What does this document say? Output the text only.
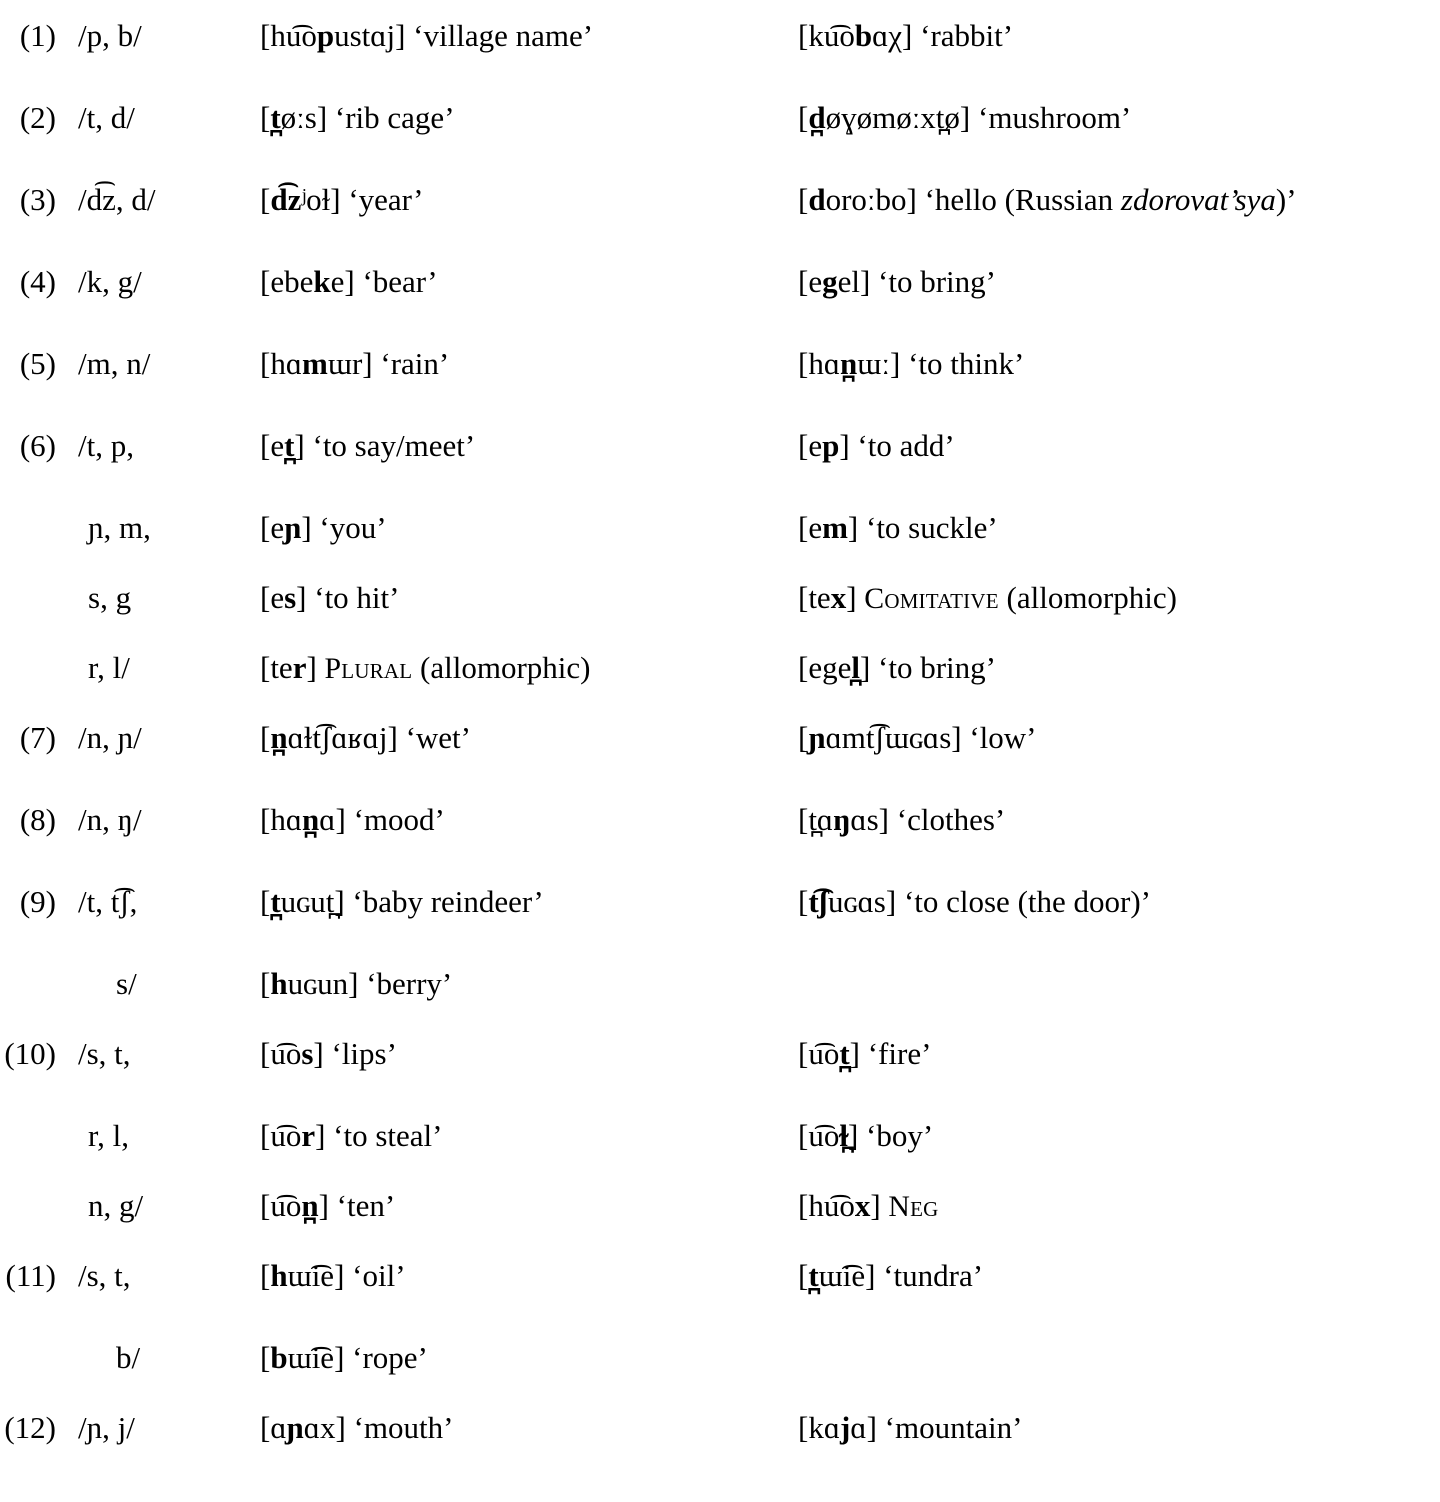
(1) /p, b/	[hu͡opustɑj] ‘village name’	[ku͡obɑχ] ‘rabbit’
(2) /t, d/	[t̪øːs] ‘rib cage’	[d̪øɣømøːxt̪ø] ‘mushroom’
(3) /d͡z, d/	[d͡zʲoɫ] ‘year’	[doroːbo] ‘hello (Russian zdorovat’sya)’
(4) /k, g/	[ebeke] ‘bear’	[egel] ‘to bring’
(5) /m, n/	[hɑmɯr] ‘rain’	[hɑn̪ɯː] ‘to think’
(6) /t, p,	[et̪] ‘to say/meet’	[ep] ‘to add’
ɲ, m,	[eɲ] ‘you’	[em] ‘to suckle’
s, g	[es] ‘to hit’	[tex] Comitative (allomorphic)
r, l/	[ter] Plural (allomorphic)	[egel̪] ‘to bring’
(7) /n, ɲ/	[n̪ɑɫt͡ʃɑʁɑj] ‘wet’	[ɲɑmt͡ʃɯɢɑs] ‘low’
(8) /n, ŋ/	[hɑn̪ɑ] ‘mood’	[t̪ɑŋɑs] ‘clothes’
(9) /t, t͡ʃ,	[t̪uɢut̪] ‘baby reindeer’	[t͡ʃuɢɑs] ‘to close (the door)’
s/	[huɢun] ‘berry’
(10) /s, t,	[u͡os] ‘lips’	[u͡ot̪] ‘fire’
r, l,	[u͡or] ‘to steal’	[u͡oɫ̪] ‘boy’
n, g/	[u͡on̪] ‘ten’	[hu͡ox] Neg
(11) /s, t,	[hɯ͡ie] ‘oil’	[t̪ɯ͡ie] ‘tundra’
b/	[bɯ͡ie] ‘rope’
(12) /ɲ, j/	[ɑɲɑx] ‘mouth’	[kɑjɑ] ‘mountain’
